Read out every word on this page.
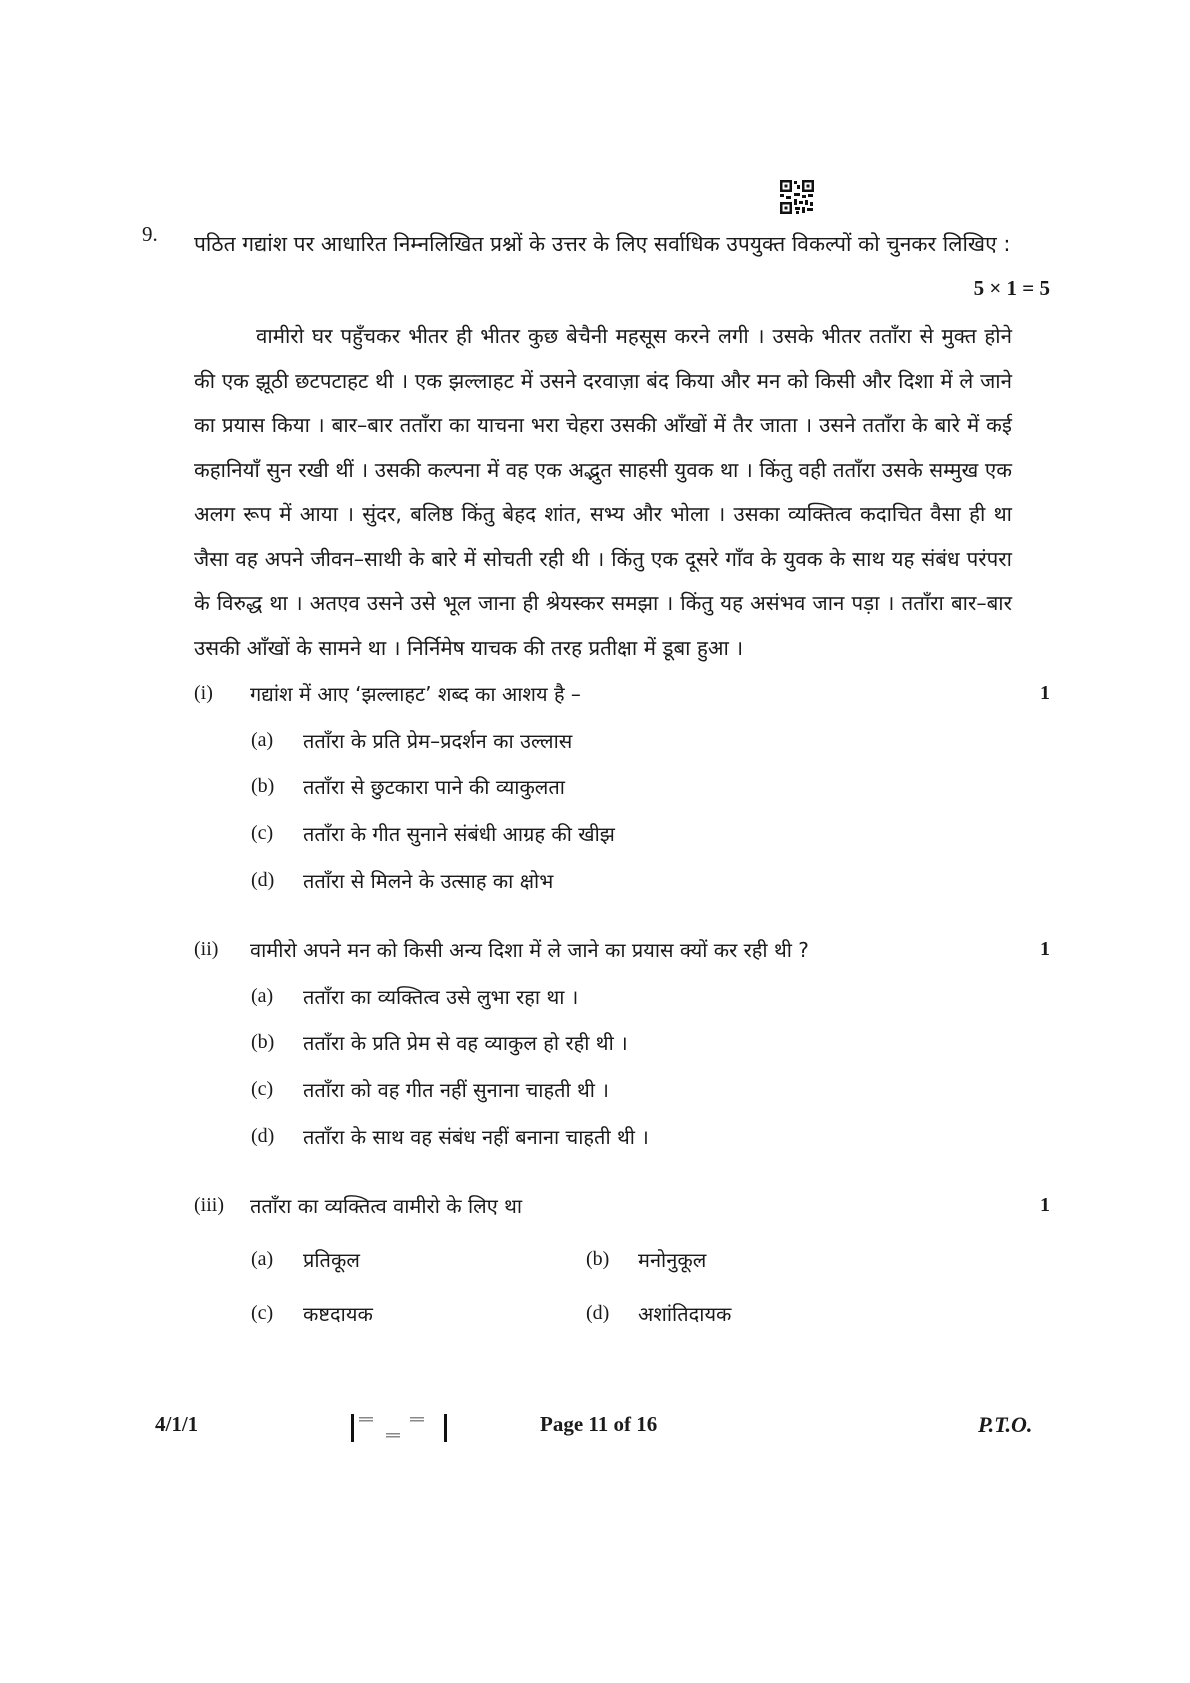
9. पठित गद्यांश पर आधारित निम्नलिखित प्रश्नों के उत्तर के लिए सर्वाधिक उपयुक्त विकल्पों को चुनकर लिखिए :
5 × 1 = 5

वामीरो घर पहुँचकर भीतर ही भीतर कुछ बेचैनी महसूस करने लगी । उसके भीतर ततॉंरा से मुक्त होने की एक झूठी छटपटाहट थी । एक झल्लाहट में उसने दरवाज़ा बंद किया और मन को किसी और दिशा में ले जाने का प्रयास किया । बार–बार ततॉंरा का याचना भरा चेहरा उसकी आँखों में तैर जाता । उसने ततॉंरा के बारे में कई कहानियाँ सुन रखी थीं । उसकी कल्पना में वह एक अद्भुत साहसी युवक था । किंतु वही ततॉंरा उसके सम्मुख एक अलग रूप में आया । सुंदर, बलिष्ठ किंतु बेहद शांत, सभ्य और भोला । उसका व्यक्तित्व कदाचित वैसा ही था जैसा वह अपने जीवन–साथी के बारे में सोचती रही थी । किंतु एक दूसरे गाँव के युवक के साथ यह संबंध परंपरा के विरुद्ध था । अतएव उसने उसे भूल जाना ही श्रेयस्कर समझा । किंतु यह असंभव जान पड़ा । ततॉंरा बार–बार उसकी आँखों के सामने था । निर्निमेष याचक की तरह प्रतीक्षा में डूबा हुआ ।

(i) गद्यांश में आए ‘झल्लाहट’ शब्द का आशय है –	1
(a) ततॉंरा के प्रति प्रेम–प्रदर्शन का उल्लास
(b) ततॉंरा से छुटकारा पाने की व्याकुलता
(c) ततॉंरा के गीत सुनाने संबंधी आग्रह की खीझ
(d) ततॉंरा से मिलने के उत्साह का क्षोभ
(ii) वामीरो अपने मन को किसी अन्य दिशा में ले जाने का प्रयास क्यों कर रही थी ?	1
(a) ततॉंरा का व्यक्तित्व उसे लुभा रहा था ।
(b) ततॉंरा के प्रति प्रेम से वह व्याकुल हो रही थी ।
(c) ततॉंरा को वह गीत नहीं सुनाना चाहती थी ।
(d) ततॉंरा के साथ वह संबंध नहीं बनाना चाहती थी ।
(iii) ततॉंरा का व्यक्तित्व वामीरो के लिए था	1
(a) प्रतिकूल	(b) मनोनुकूल
(c) कष्टदायक	(d) अशांतिदायक
4/1/1	Page 11 of 16	P.T.O.
